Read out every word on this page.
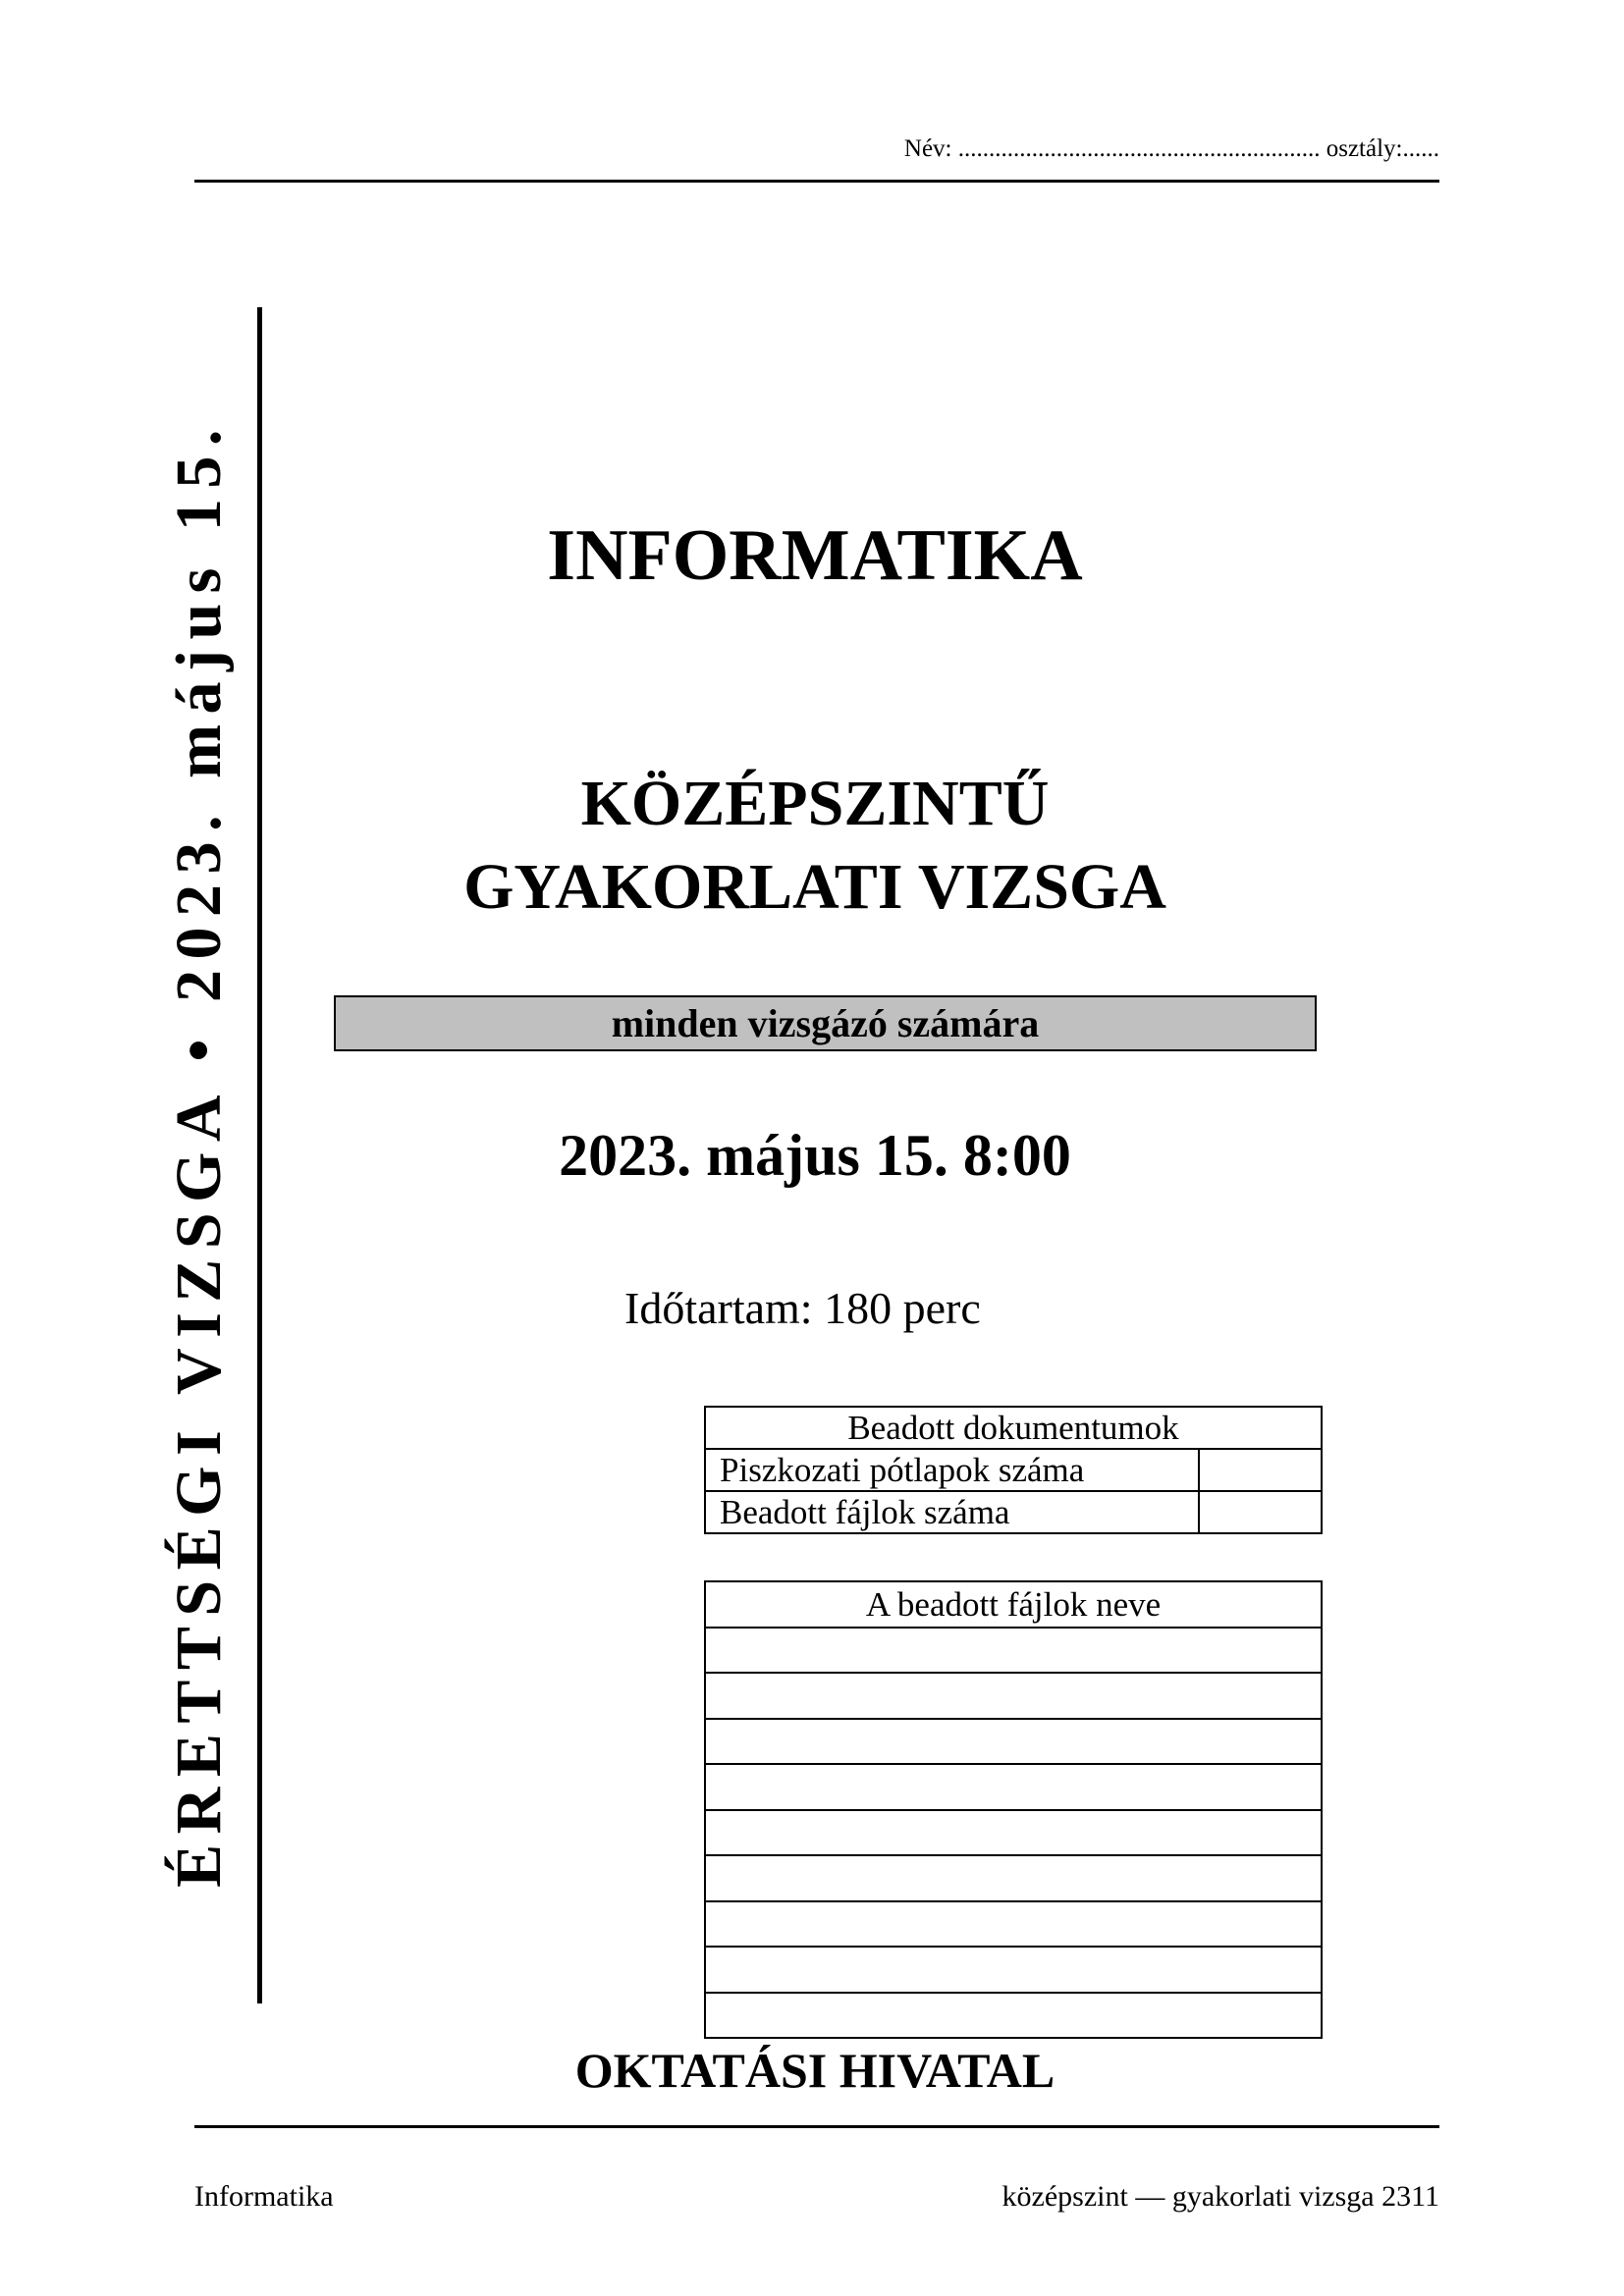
Név: ........................................................... osztály:......
ÉRETTSÉGI VIZSGA • 2023. május 15.	INFORMATIKA
KÖZÉPSZINTŰ
GYAKORLATI VIZSGA
minden vizsgázó számára
2023. május 15. 8:00
Időtartam: 180 perc
Beadott dokumentumok	
Piszkozati pótlapok száma	
Beadott fájlok száma	
A beadott fájlok neve

OKTATÁSI HIVATAL
Informatika	középszint — gyakorlati vizsga 2311
